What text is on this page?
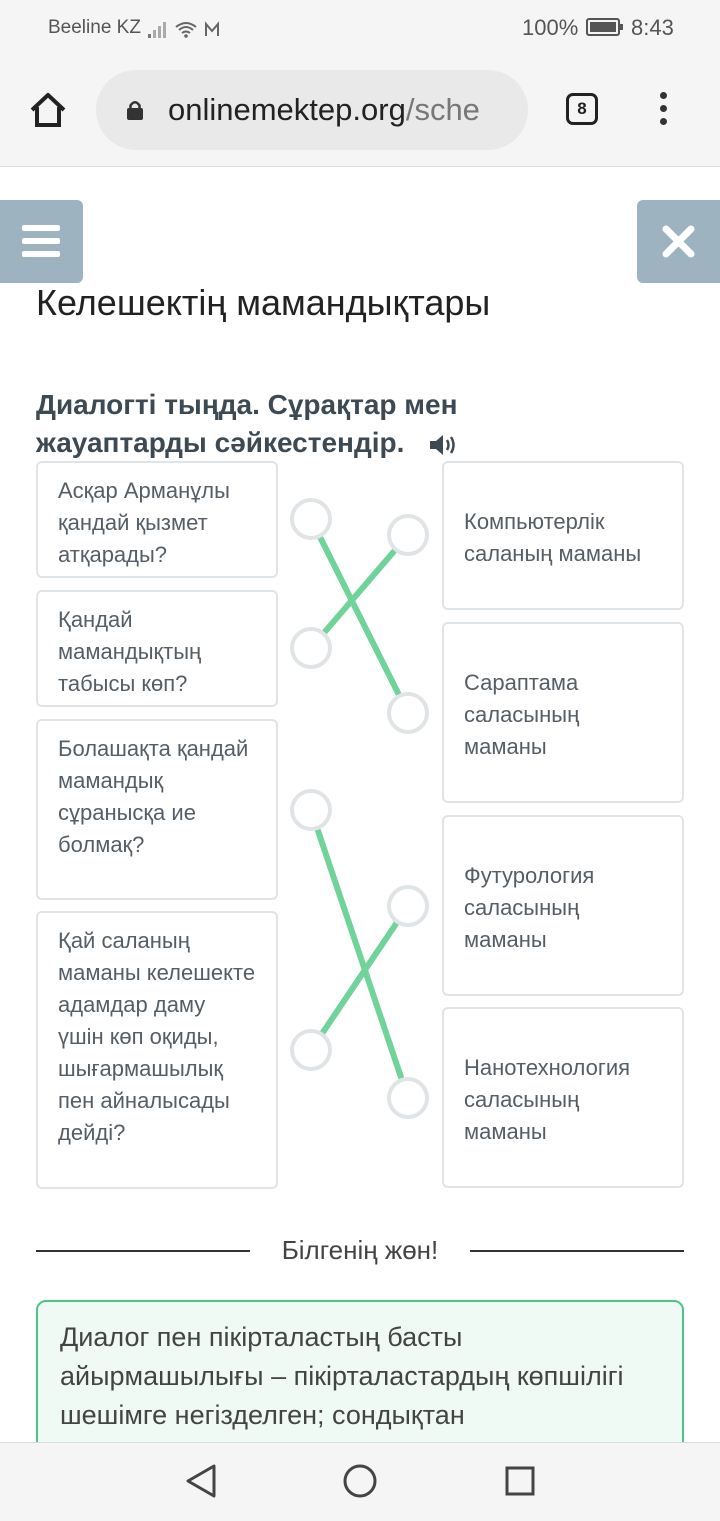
Beeline KZ	100% 8:43
onlinemektep.org/sche	8
Келешектің мамандықтары
Диалогті тыңда. Сұрақтар мен жауаптарды сәйкестендір.
Асқар Арманұлы қандай қызмет атқарады?
Қандай мамандықтың табысы көп?
Болашақта қандай мамандық сұранысқа ие болмақ?
Қай саланың маманы келешекте адамдар даму үшін көп оқиды, шығармашылық пен айналысады дейді?
Компьютерлік саланың маманы
Сараптама саласының маманы
Футурология саласының маманы
Нанотехнология саласының маманы
Білгенің жөн!
Диалог пен пікірталастың басты айырмашылығы – пікірталастардың көпшілігі шешімге негізделген; сондықтан
